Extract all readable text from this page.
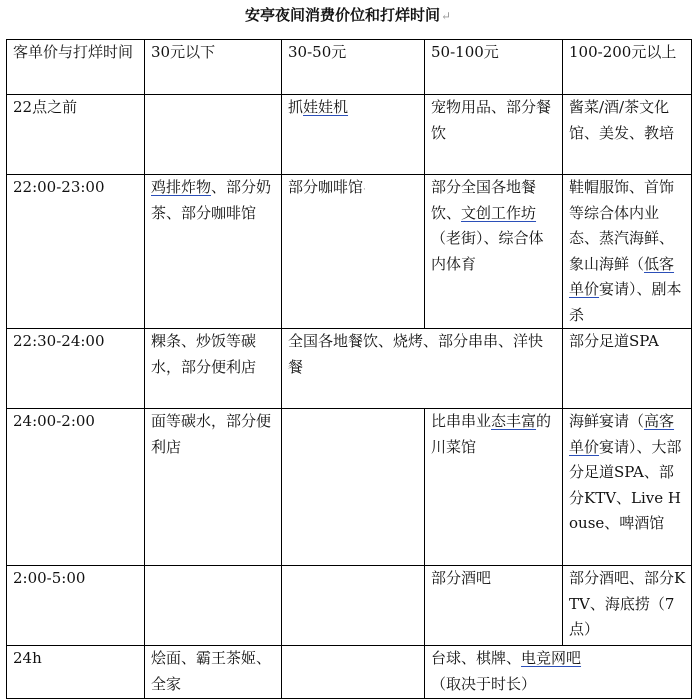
安亭夜间消费价位和打烊时间↵
客单价与打烊时间	30元以下	30-50元	50-100元	100-200元以上
22点之前		抓娃娃机	宠物用品、部分餐饮	酱菜/酒/茶文化馆、美发、教培
22:00-23:00	鸡排炸物、部分奶茶、部分咖啡馆	部分咖啡馆·	部分全国各地餐饮、文创工作坊（老街）、综合体内体育	鞋帽服饰、首饰等综合体内业态、蒸汽海鲜、象山海鲜（低客单价宴请）、剧本杀
22:30-24:00	粿条、炒饭等碳水，部分便利店	全国各地餐饮、烧烤、部分串串、洋快餐		部分足道SPA
24:00-2:00	面等碳水，部分便利店		比串串业态丰富的川菜馆	海鲜宴请（高客单价宴请）、大部分足道SPA、部分KTV、Live House、啤酒馆
2:00-5:00			部分酒吧	部分酒吧、部分KTV、海底捞（7点）
24h	烩面、霸王茶姬、全家		台球、棋牌、电竞网吧（取决于时长）	
